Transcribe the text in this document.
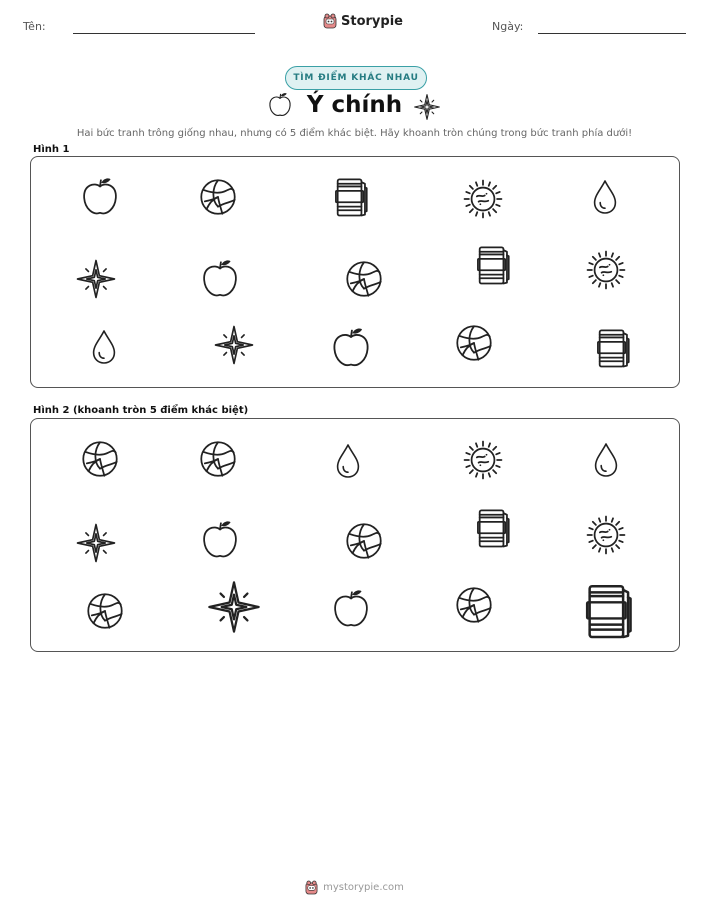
Tên:	Storypie	Ngày:
TÌM ĐIỂM KHÁC NHAU
Ý chính
Hai bức tranh trông giống nhau, nhưng có 5 điểm khác biệt. Hãy khoanh tròn chúng trong bức tranh phía dưới!
Hình 1
Hình 2 (khoanh tròn 5 điểm khác biệt)
mystorypie.com
